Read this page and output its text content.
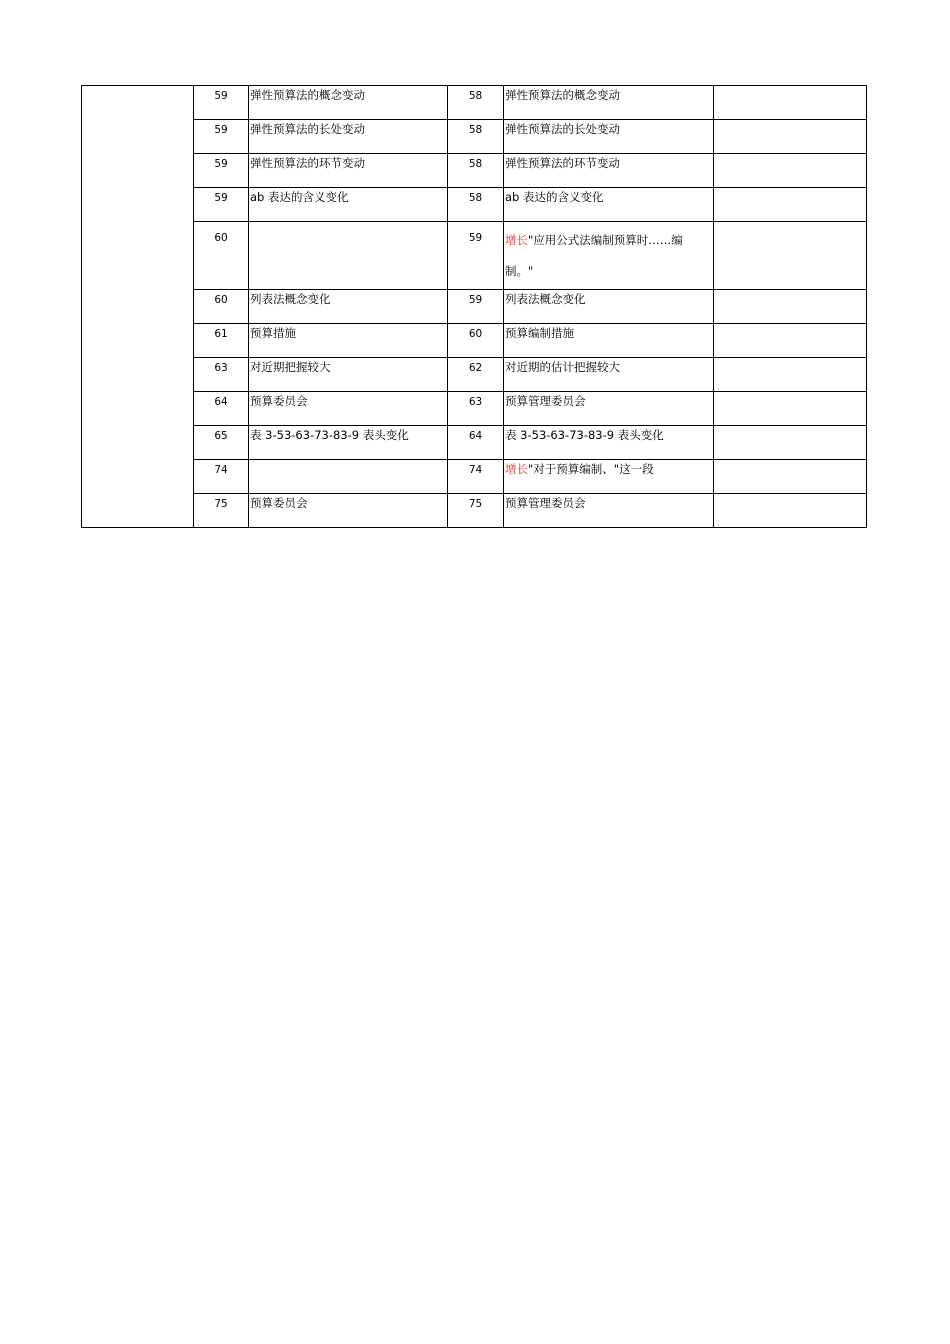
	59	弹性预算法的概念变动	58	弹性预算法的概念变动	
	59	弹性预算法的长处变动	58	弹性预算法的长处变动	
	59	弹性预算法的环节变动	58	弹性预算法的环节变动	
	59	ab 表达的含义变化	58	ab 表达的含义变化	
	60		59	增长"应用公式法编制预算时……编制。"	
	60	列表法概念变化	59	列表法概念变化	
	61	预算措施	60	预算编制措施	
	63	对近期把握较大	62	对近期的估计把握较大	
	64	预算委员会	63	预算管理委员会	
	65	表 3-53-63-73-83-9 表头变化	64	表 3-53-63-73-83-9 表头变化	
	74		74	增长"对于预算编制、"这一段	
	75	预算委员会	75	预算管理委员会	
